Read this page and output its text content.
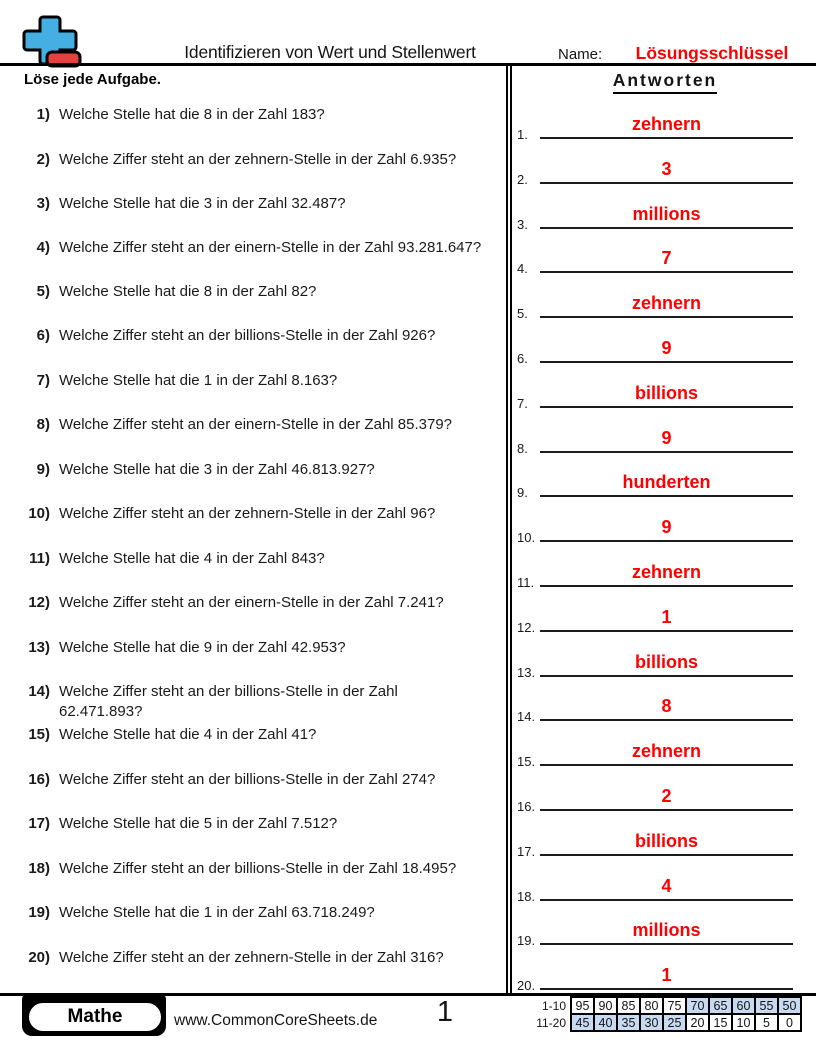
Identifizieren von Wert und Stellenwert	Name:	Lösungsschlüssel
Löse jede Aufgabe.
1) Welche Stelle hat die 8 in der Zahl 183?
2) Welche Ziffer steht an der zehnern-Stelle in der Zahl 6.935?
3) Welche Stelle hat die 3 in der Zahl 32.487?
4) Welche Ziffer steht an der einern-Stelle in der Zahl 93.281.647?
5) Welche Stelle hat die 8 in der Zahl 82?
6) Welche Ziffer steht an der billions-Stelle in der Zahl 926?
7) Welche Stelle hat die 1 in der Zahl 8.163?
8) Welche Ziffer steht an der einern-Stelle in der Zahl 85.379?
9) Welche Stelle hat die 3 in der Zahl 46.813.927?
10) Welche Ziffer steht an der zehnern-Stelle in der Zahl 96?
11) Welche Stelle hat die 4 in der Zahl 843?
12) Welche Ziffer steht an der einern-Stelle in der Zahl 7.241?
13) Welche Stelle hat die 9 in der Zahl 42.953?
14) Welche Ziffer steht an der billions-Stelle in der Zahl 62.471.893?
15) Welche Stelle hat die 4 in der Zahl 41?
16) Welche Ziffer steht an der billions-Stelle in der Zahl 274?
17) Welche Stelle hat die 5 in der Zahl 7.512?
18) Welche Ziffer steht an der billions-Stelle in der Zahl 18.495?
19) Welche Stelle hat die 1 in der Zahl 63.718.249?
20) Welche Ziffer steht an der zehnern-Stelle in der Zahl 316?
Antworten
1.
zehnern
2.
3
3.
millions
4.
7
5.
zehnern
6.
9
7.
billions
8.
9
9.
hunderten
10.
9
11.
zehnern
12.
1
13.
billions
14.
8
15.
zehnern
16.
2
17.
billions
18.
4
19.
millions
20.
1
Mathe	www.CommonCoreSheets.de	1	1-10	95	90	85	80	75	70	65	60	55	50
11-20	45	40	35	30	25	20	15	10	5	0
